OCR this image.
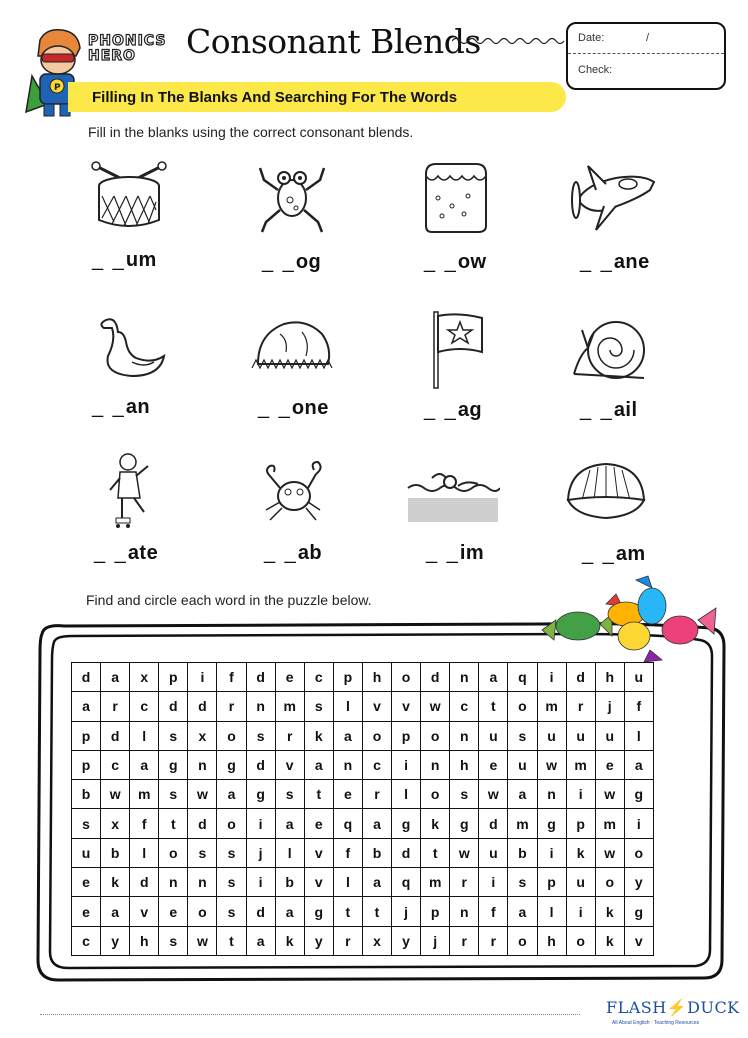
P
PHONICS
HERO	Consonant Blends	Date:	/
Check:
Filling In The Blanks And Searching For The Words
Fill in the blanks using the correct consonant blends.
_ _um	_ _og	_ _ow	_ _ane
_ _an	_ _one	_ _ag	_ _ail
_ _ate	_ _ab	_ _im	_ _am
Find and circle each word in the puzzle below.
d	a	x	p	i	f	d	e	c	p	h	o	d	n	a	q	i	d	h	u
a	r	c	d	d	r	n	m	s	l	v	v	w	c	t	o	m	r	j	f
p	d	l	s	x	o	s	r	k	a	o	p	o	n	u	s	u	u	u	l
p	c	a	g	n	g	d	v	a	n	c	i	n	h	e	u	w	m	e	a
b	w	m	s	w	a	g	s	t	e	r	l	o	s	w	a	n	i	w	g
s	x	f	t	d	o	i	a	e	q	a	g	k	g	d	m	g	p	m	i
u	b	l	o	s	s	j	l	v	f	b	d	t	w	u	b	i	k	w	o
e	k	d	n	n	s	i	b	v	l	a	q	m	r	i	s	p	u	o	y
e	a	v	e	o	s	d	a	g	t	t	j	p	n	f	a	l	i	k	g
c	y	h	s	w	t	a	k	y	r	x	y	j	r	r	o	h	o	k	v
FLASH⚡DUCK
All About English · Teaching Resources
